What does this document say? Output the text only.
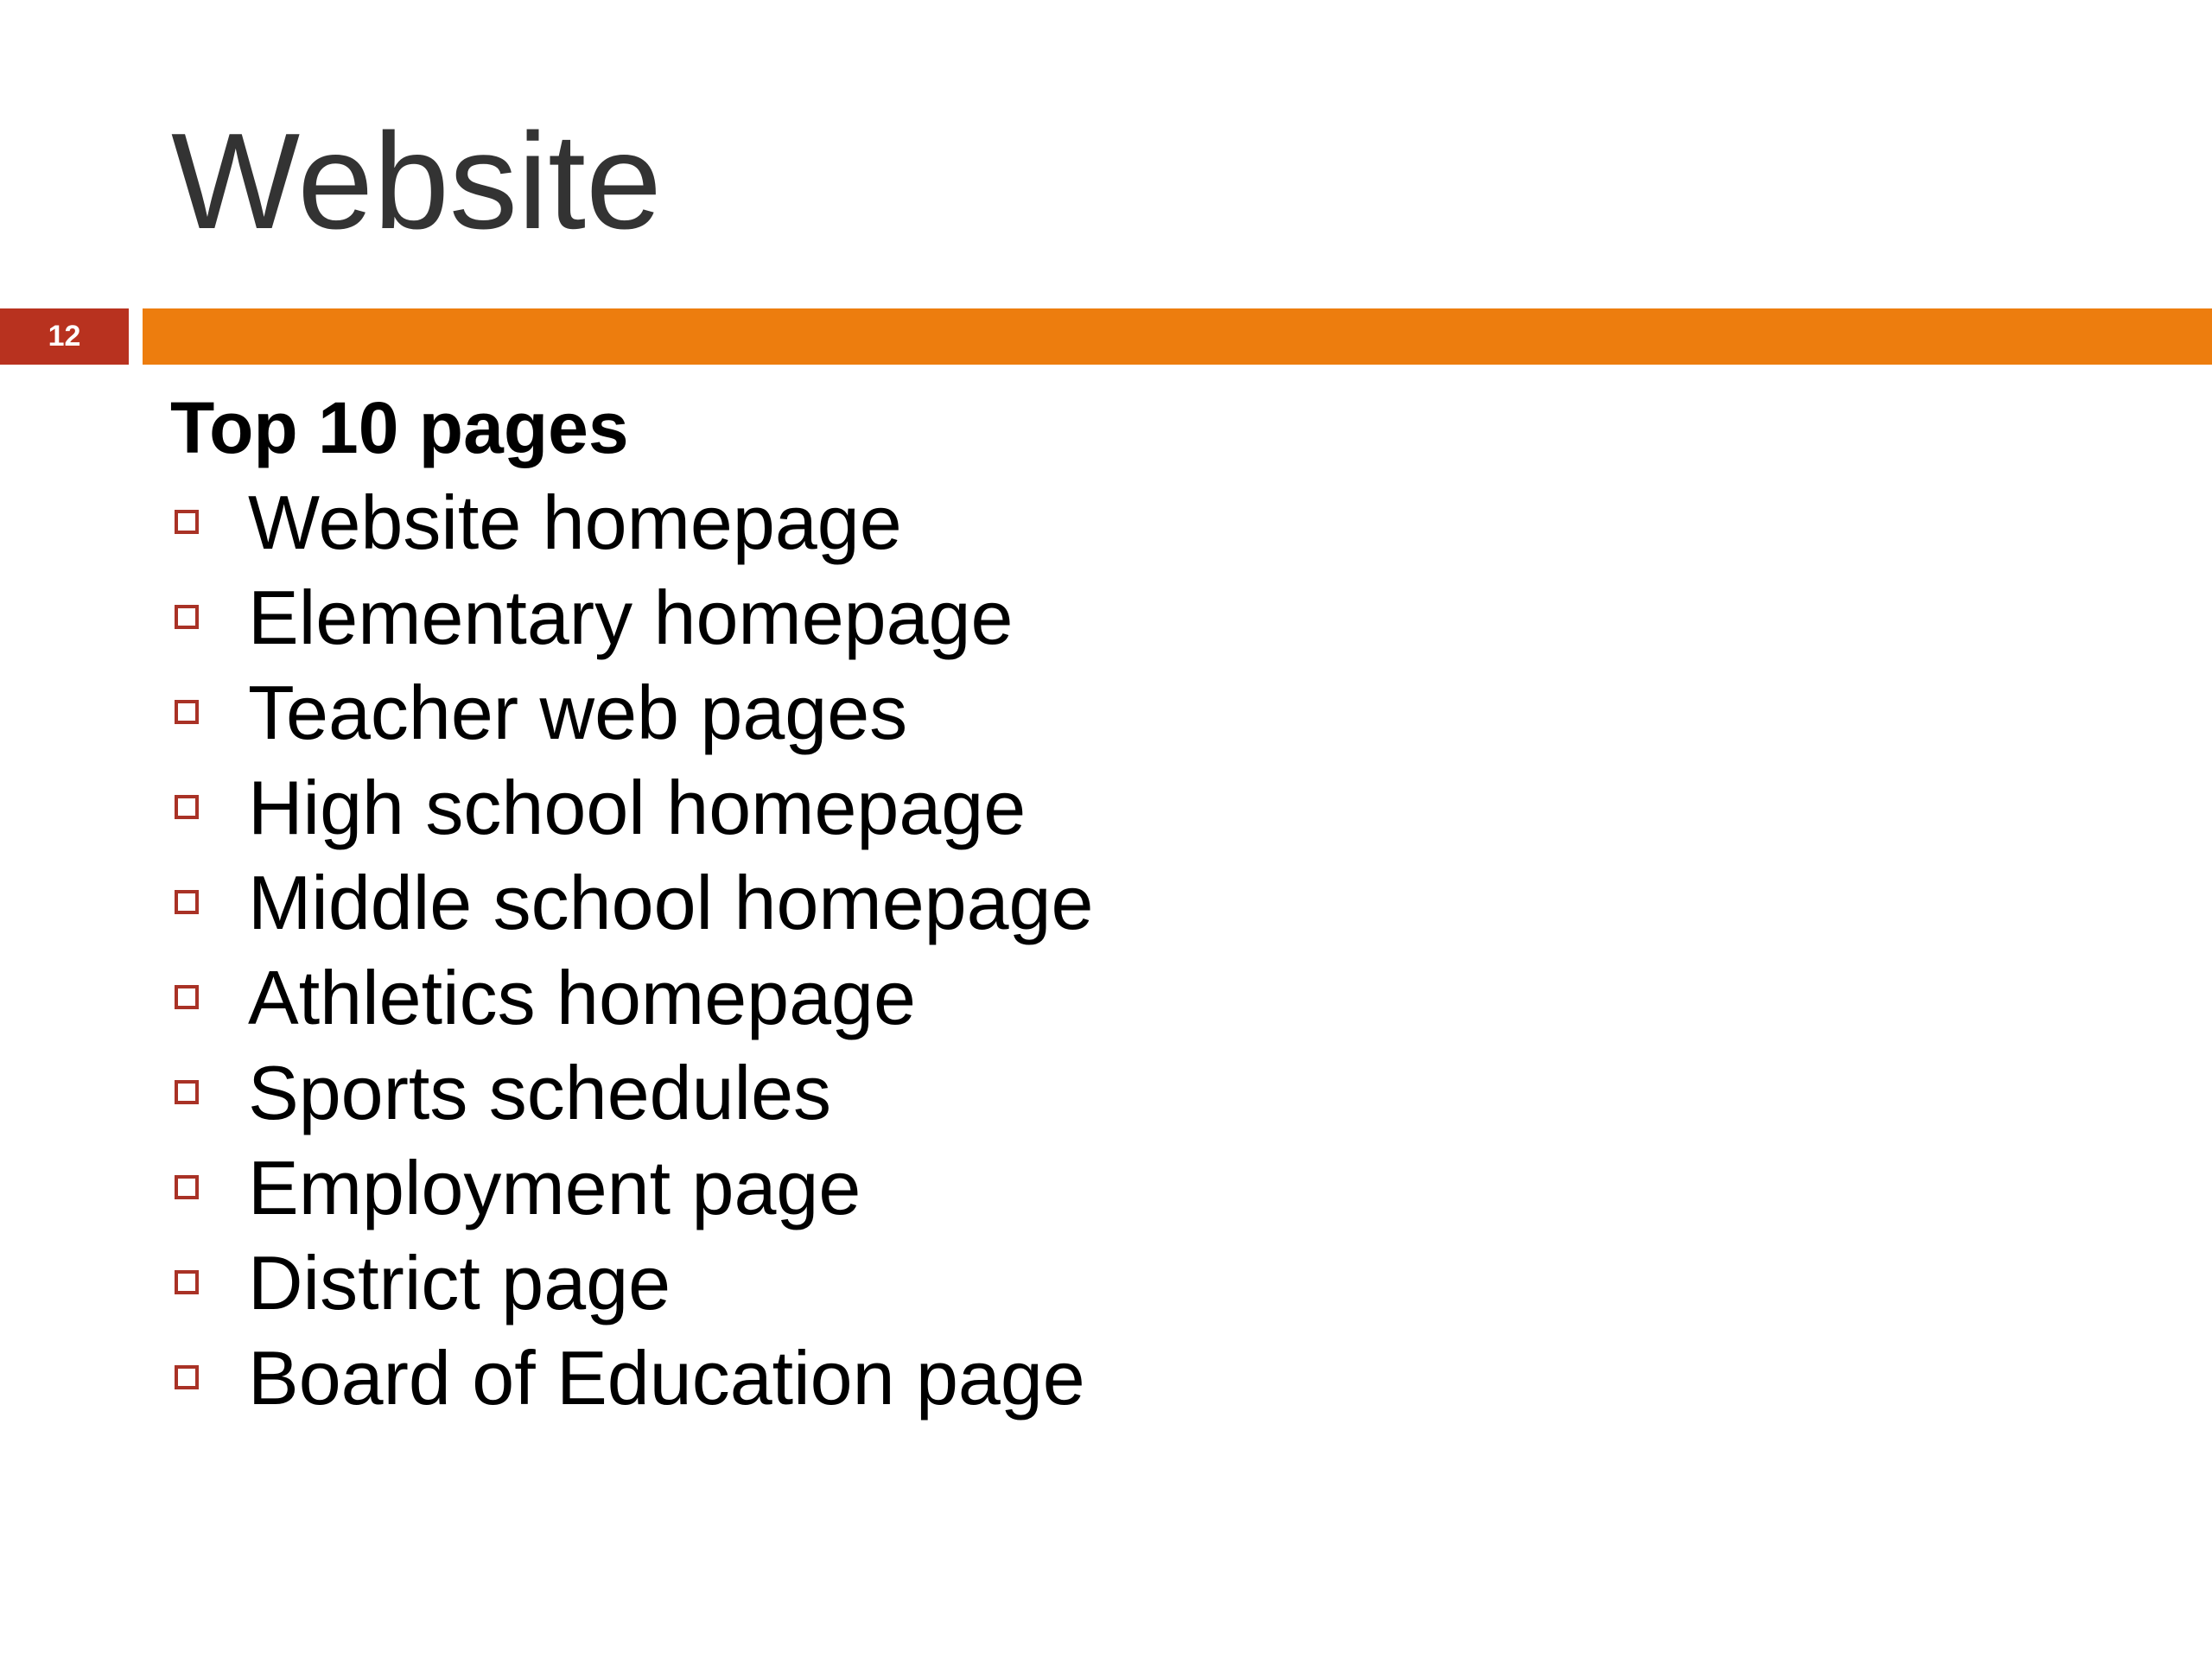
Website
12
Top 10 pages
Website homepage
Elementary homepage
Teacher web pages
High school homepage
Middle school homepage
Athletics homepage
Sports schedules
Employment page
District page
Board of Education page
